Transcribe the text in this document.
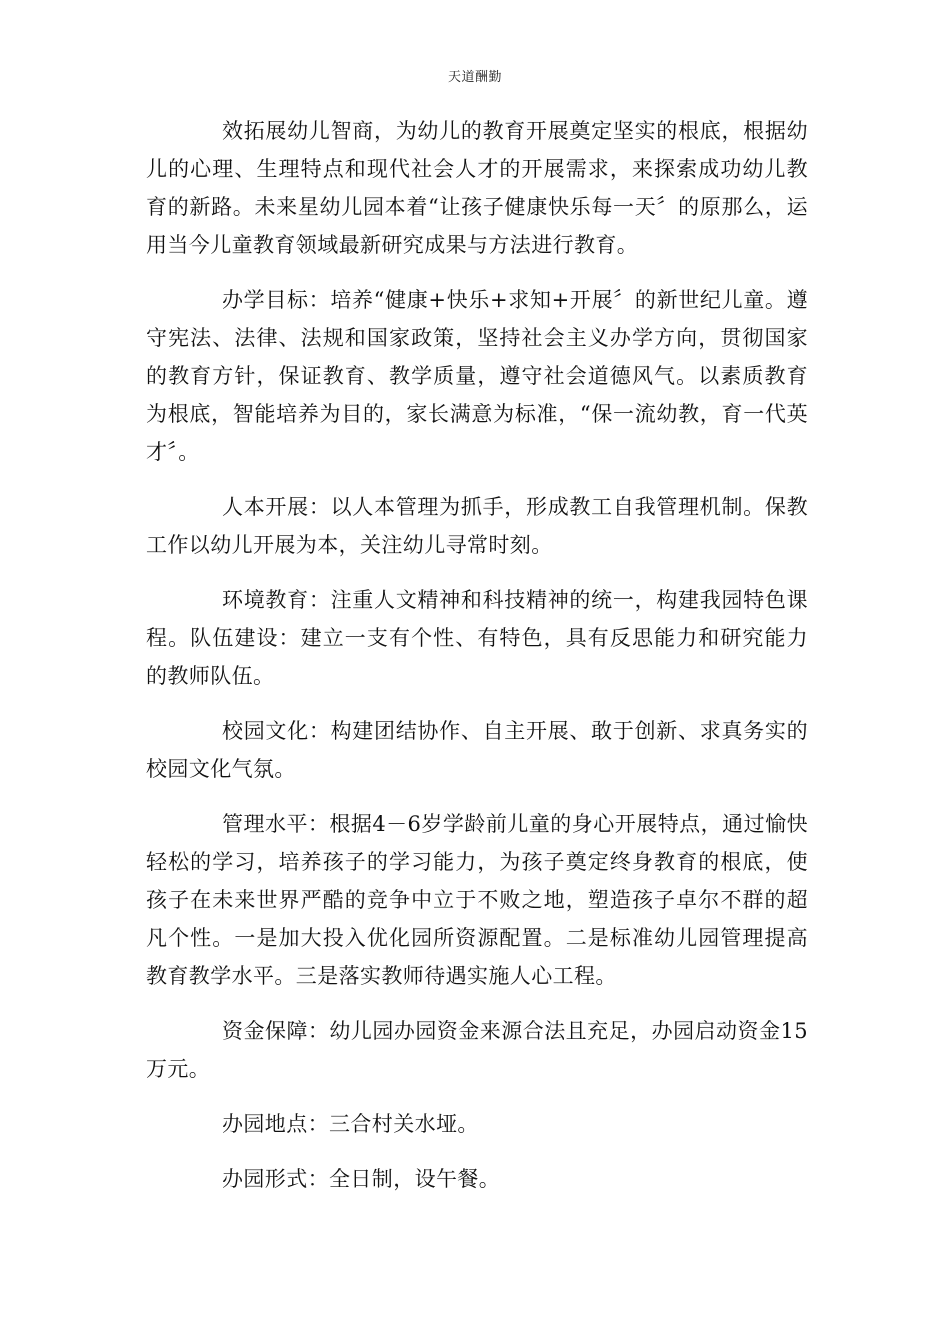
天道酬勤

效拓展幼儿智商，为幼儿的教育开展奠定坚实的根底，根据幼儿的心理、生理特点和现代社会人才的开展需求，来探索成功幼儿教育的新路。未来星幼儿园本着“让孩子健康快乐每一天〞的原那么，运用当今儿童教育领域最新研究成果与方法进行教育。

办学目标：培养“健康+快乐+求知+开展〞的新世纪儿童。遵守宪法、法律、法规和国家政策，坚持社会主义办学方向，贯彻国家的教育方针，保证教育、教学质量，遵守社会道德风气。以素质教育为根底，智能培养为目的，家长满意为标准，“保一流幼教，育一代英才〞。

人本开展：以人本管理为抓手，形成教工自我管理机制。保教工作以幼儿开展为本，关注幼儿寻常时刻。

环境教育：注重人文精神和科技精神的统一，构建我园特色课程。队伍建设：建立一支有个性、有特色，具有反思能力和研究能力的教师队伍。

校园文化：构建团结协作、自主开展、敢于创新、求真务实的校园文化气氛。

管理水平：根据4－6岁学龄前儿童的身心开展特点，通过愉快轻松的学习，培养孩子的学习能力，为孩子奠定终身教育的根底，使孩子在未来世界严酷的竞争中立于不败之地，塑造孩子卓尔不群的超凡个性。一是加大投入优化园所资源配置。二是标准幼儿园管理提高教育教学水平。三是落实教师待遇实施人心工程。

资金保障：幼儿园办园资金来源合法且充足，办园启动资金15万元。

办园地点：三合村关水垭。

办园形式：全日制，设午餐。
